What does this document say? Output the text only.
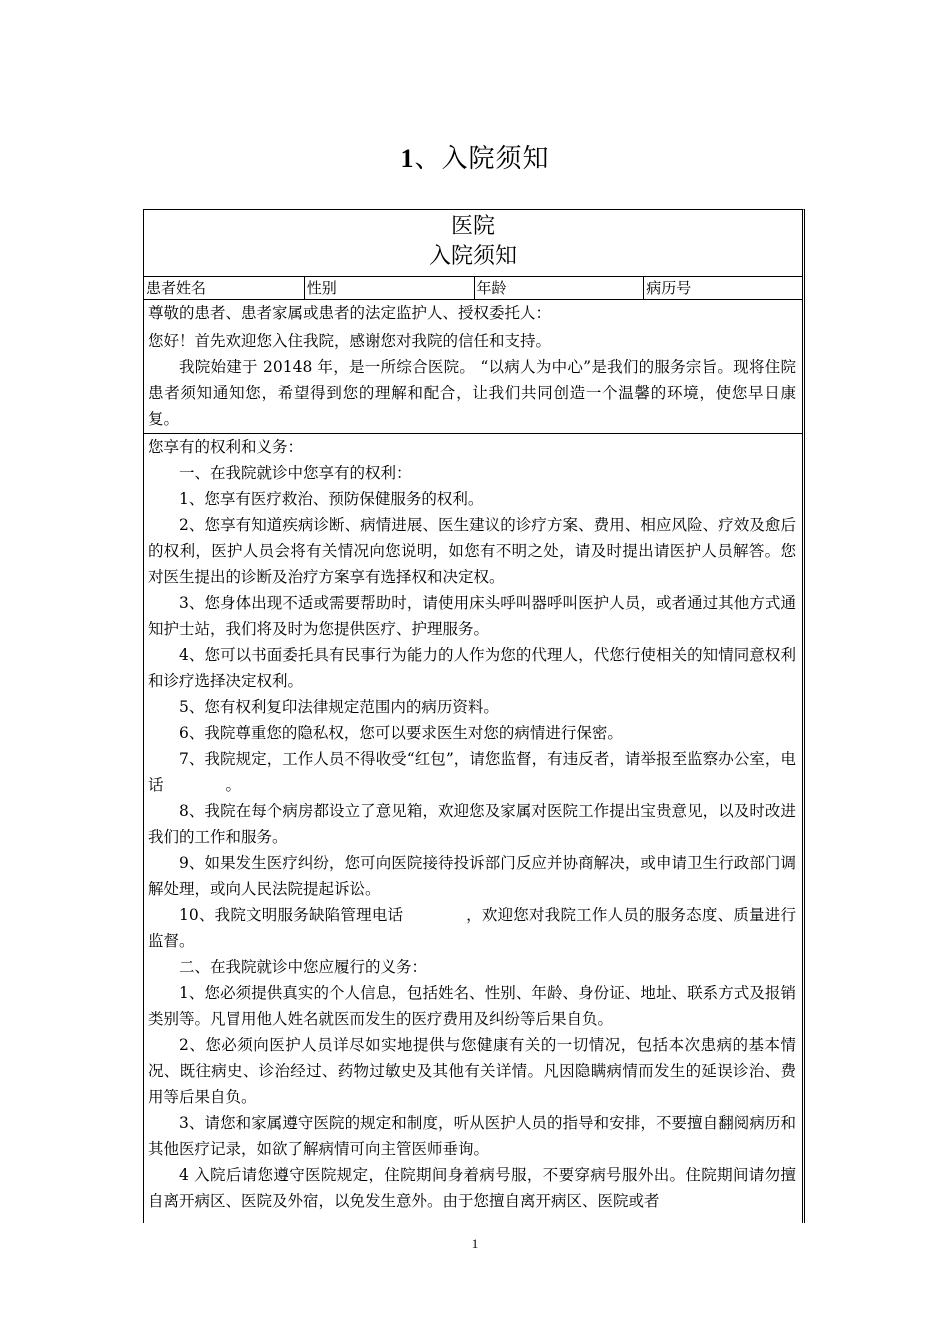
1、入院须知
医院
入院须知
患者姓名	性别	年龄	病历号

尊敬的患者、患者家属或患者的法定监护人、授权委托人：

您好！首先欢迎您入住我院，感谢您对我院的信任和支持。

我院始建于 20148 年，是一所综合医院。 “以病人为中心”是我们的服务宗旨。现将住院患者须知通知您，希望得到您的理解和配合，让我们共同创造一个温馨的环境，使您早日康复。

您享有的权利和义务：

一、在我院就诊中您享有的权利：

1、您享有医疗救治、预防保健服务的权利。

2、您享有知道疾病诊断、病情进展、医生建议的诊疗方案、费用、相应风险、疗效及愈后的权利，医护人员会将有关情况向您说明，如您有不明之处，请及时提出请医护人员解答。您对医生提出的诊断及治疗方案享有选择权和决定权。

3、您身体出现不适或需要帮助时，请使用床头呼叫器呼叫医护人员，或者通过其他方式通知护士站，我们将及时为您提供医疗、护理服务。

4、您可以书面委托具有民事行为能力的人作为您的代理人，代您行使相关的知情同意权利和诊疗选择决定权利。

5、您有权利复印法律规定范围内的病历资料。

6、我院尊重您的隐私权，您可以要求医生对您的病情进行保密。

7、我院规定，工作人员不得收受“红包”，请您监督，有违反者，请举报至监察办公室，电话　　　　。

8、我院在每个病房都设立了意见箱，欢迎您及家属对医院工作提出宝贵意见，以及时改进我们的工作和服务。

9、如果发生医疗纠纷，您可向医院接待投诉部门反应并协商解决，或申请卫生行政部门调解处理，或向人民法院提起诉讼。

10、我院文明服务缺陷管理电话　　　　，欢迎您对我院工作人员的服务态度、质量进行监督。

二、在我院就诊中您应履行的义务：

1、您必须提供真实的个人信息，包括姓名、性别、年龄、身份证、地址、联系方式及报销类别等。凡冒用他人姓名就医而发生的医疗费用及纠纷等后果自负。

2、您必须向医护人员详尽如实地提供与您健康有关的一切情况，包括本次患病的基本情况、既往病史、诊治经过、药物过敏史及其他有关详情。凡因隐瞒病情而发生的延误诊治、费用等后果自负。

3、请您和家属遵守医院的规定和制度，听从医护人员的指导和安排，不要擅自翻阅病历和其他医疗记录，如欲了解病情可向主管医师垂询。

4 入院后请您遵守医院规定，住院期间身着病号服，不要穿病号服外出。住院期间请勿擅自离开病区、医院及外宿，以免发生意外。由于您擅自离开病区、医院或者

1
